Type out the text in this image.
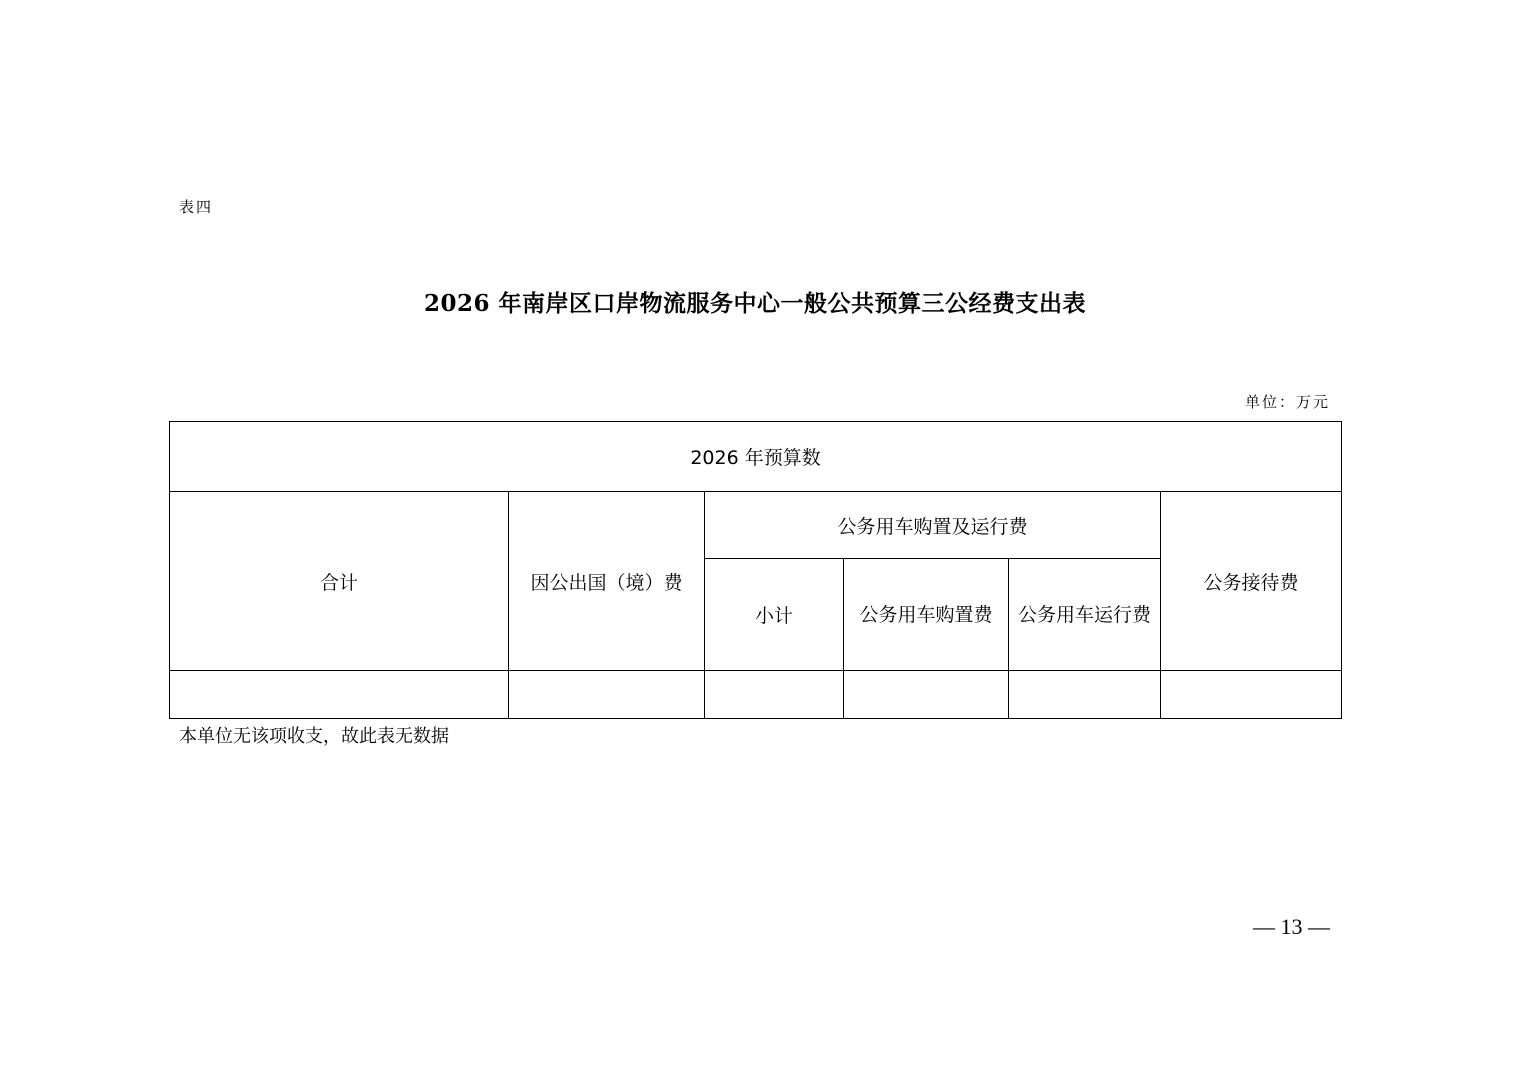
表四
2026 年南岸区口岸物流服务中心一般公共预算三公经费支出表
单位：万元
2026 年预算数					
合计	因公出国（境）费	公务用车购置及运行费			公务接待费
		小计	公务用车购置费	公务用车运行费	

本单位无该项收支，故此表无数据
— 13 —
